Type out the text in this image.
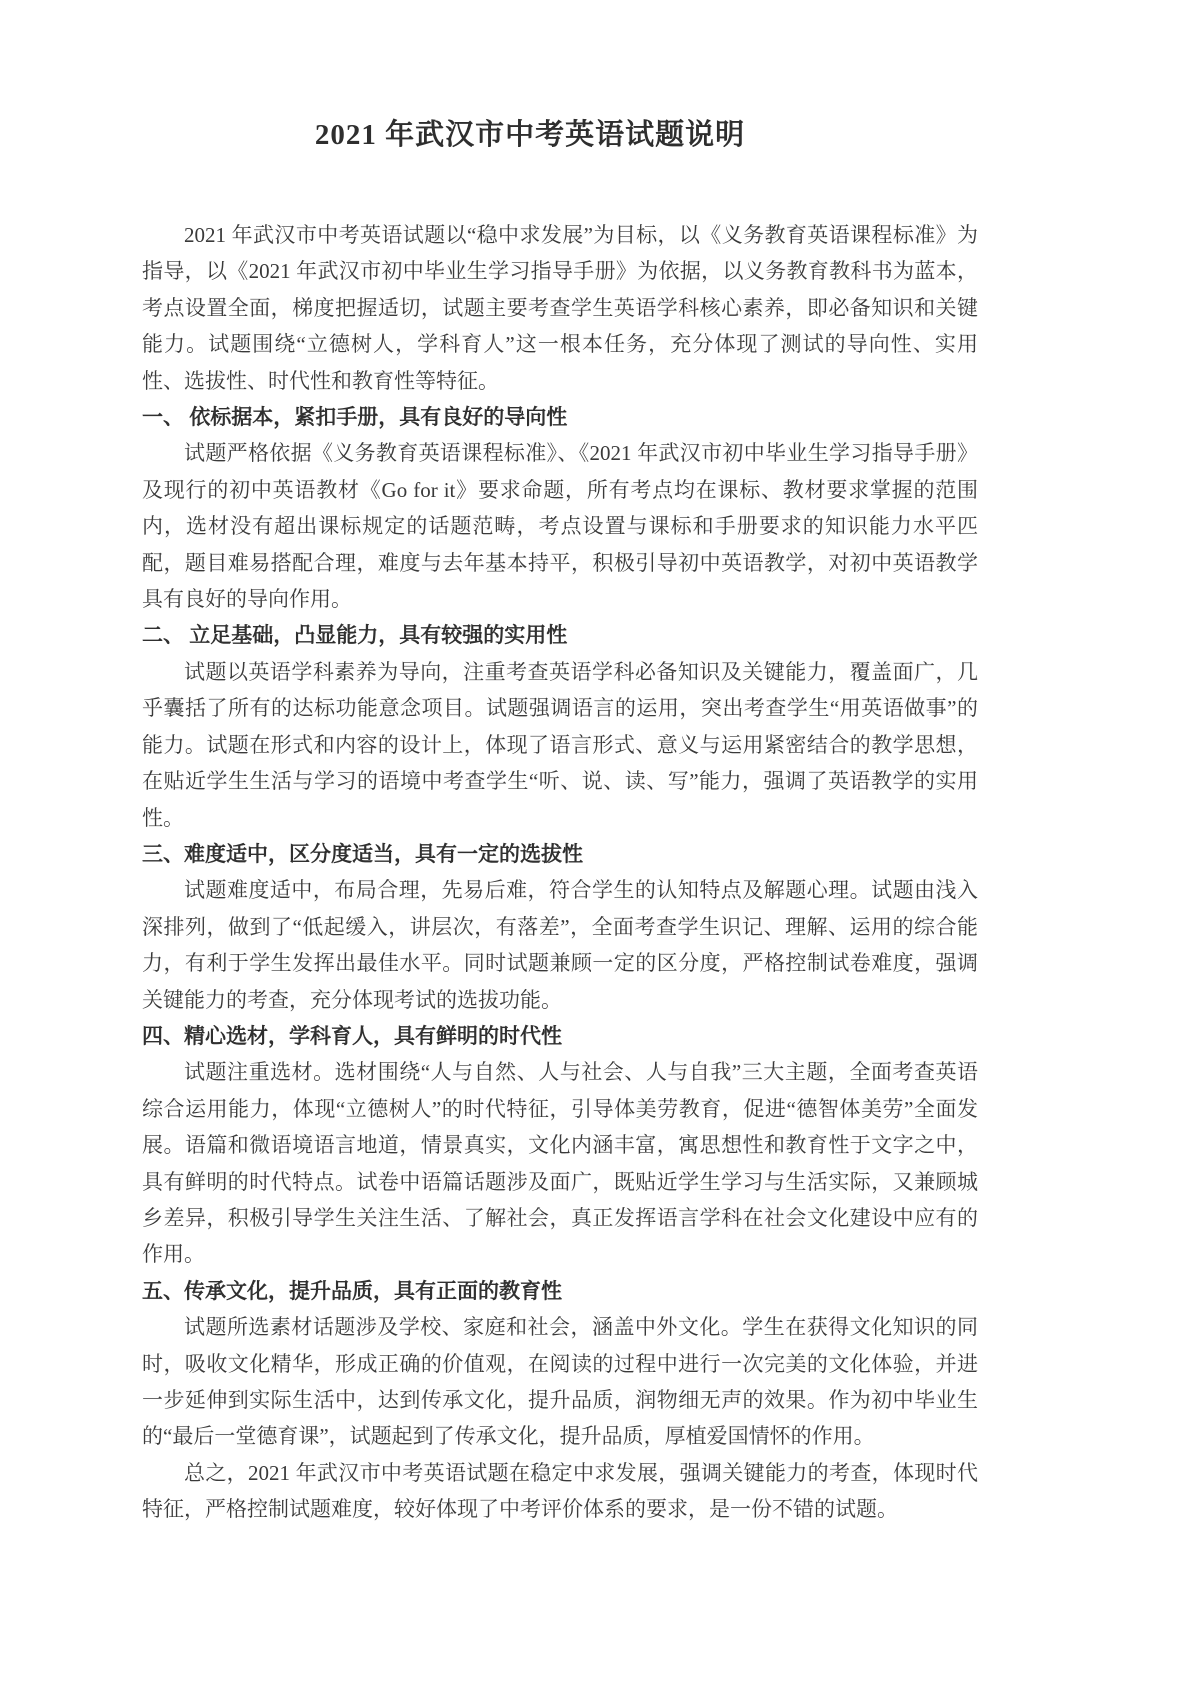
2021 年武汉市中考英语试题说明

2021 年武汉市中考英语试题以“稳中求发展”为目标，以《义务教育英语课程标准》为指导，以《2021 年武汉市初中毕业生学习指导手册》为依据，以义务教育教科书为蓝本，考点设置全面，梯度把握适切，试题主要考查学生英语学科核心素养，即必备知识和关键能力。试题围绕“立德树人，学科育人”这一根本任务，充分体现了测试的导向性、实用性、选拔性、时代性和教育性等特征。

一、 依标据本，紧扣手册，具有良好的导向性

试题严格依据《义务教育英语课程标准》、《2021 年武汉市初中毕业生学习指导手册》及现行的初中英语教材《Go for it》要求命题，所有考点均在课标、教材要求掌握的范围内，选材没有超出课标规定的话题范畴，考点设置与课标和手册要求的知识能力水平匹配，题目难易搭配合理，难度与去年基本持平，积极引导初中英语教学，对初中英语教学具有良好的导向作用。

二、 立足基础，凸显能力，具有较强的实用性

试题以英语学科素养为导向，注重考查英语学科必备知识及关键能力，覆盖面广，几乎囊括了所有的达标功能意念项目。试题强调语言的运用，突出考查学生“用英语做事”的能力。试题在形式和内容的设计上，体现了语言形式、意义与运用紧密结合的教学思想，在贴近学生生活与学习的语境中考查学生“听、说、读、写”能力，强调了英语教学的实用性。

三、难度适中，区分度适当，具有一定的选拔性

试题难度适中，布局合理，先易后难，符合学生的认知特点及解题心理。试题由浅入深排列，做到了“低起缓入，讲层次，有落差”，全面考查学生识记、理解、运用的综合能力，有利于学生发挥出最佳水平。同时试题兼顾一定的区分度，严格控制试卷难度，强调关键能力的考查，充分体现考试的选拔功能。

四、精心选材，学科育人，具有鲜明的时代性

试题注重选材。选材围绕“人与自然、人与社会、人与自我”三大主题，全面考查英语综合运用能力，体现“立德树人”的时代特征，引导体美劳教育，促进“德智体美劳”全面发展。语篇和微语境语言地道，情景真实，文化内涵丰富，寓思想性和教育性于文字之中，具有鲜明的时代特点。试卷中语篇话题涉及面广，既贴近学生学习与生活实际，又兼顾城乡差异，积极引导学生关注生活、了解社会，真正发挥语言学科在社会文化建设中应有的作用。

五、传承文化，提升品质，具有正面的教育性

试题所选素材话题涉及学校、家庭和社会，涵盖中外文化。学生在获得文化知识的同时，吸收文化精华，形成正确的价值观，在阅读的过程中进行一次完美的文化体验，并进一步延伸到实际生活中，达到传承文化，提升品质，润物细无声的效果。作为初中毕业生的“最后一堂德育课”，试题起到了传承文化，提升品质，厚植爱国情怀的作用。

总之，2021 年武汉市中考英语试题在稳定中求发展，强调关键能力的考查，体现时代特征，严格控制试题难度，较好体现了中考评价体系的要求，是一份不错的试题。
